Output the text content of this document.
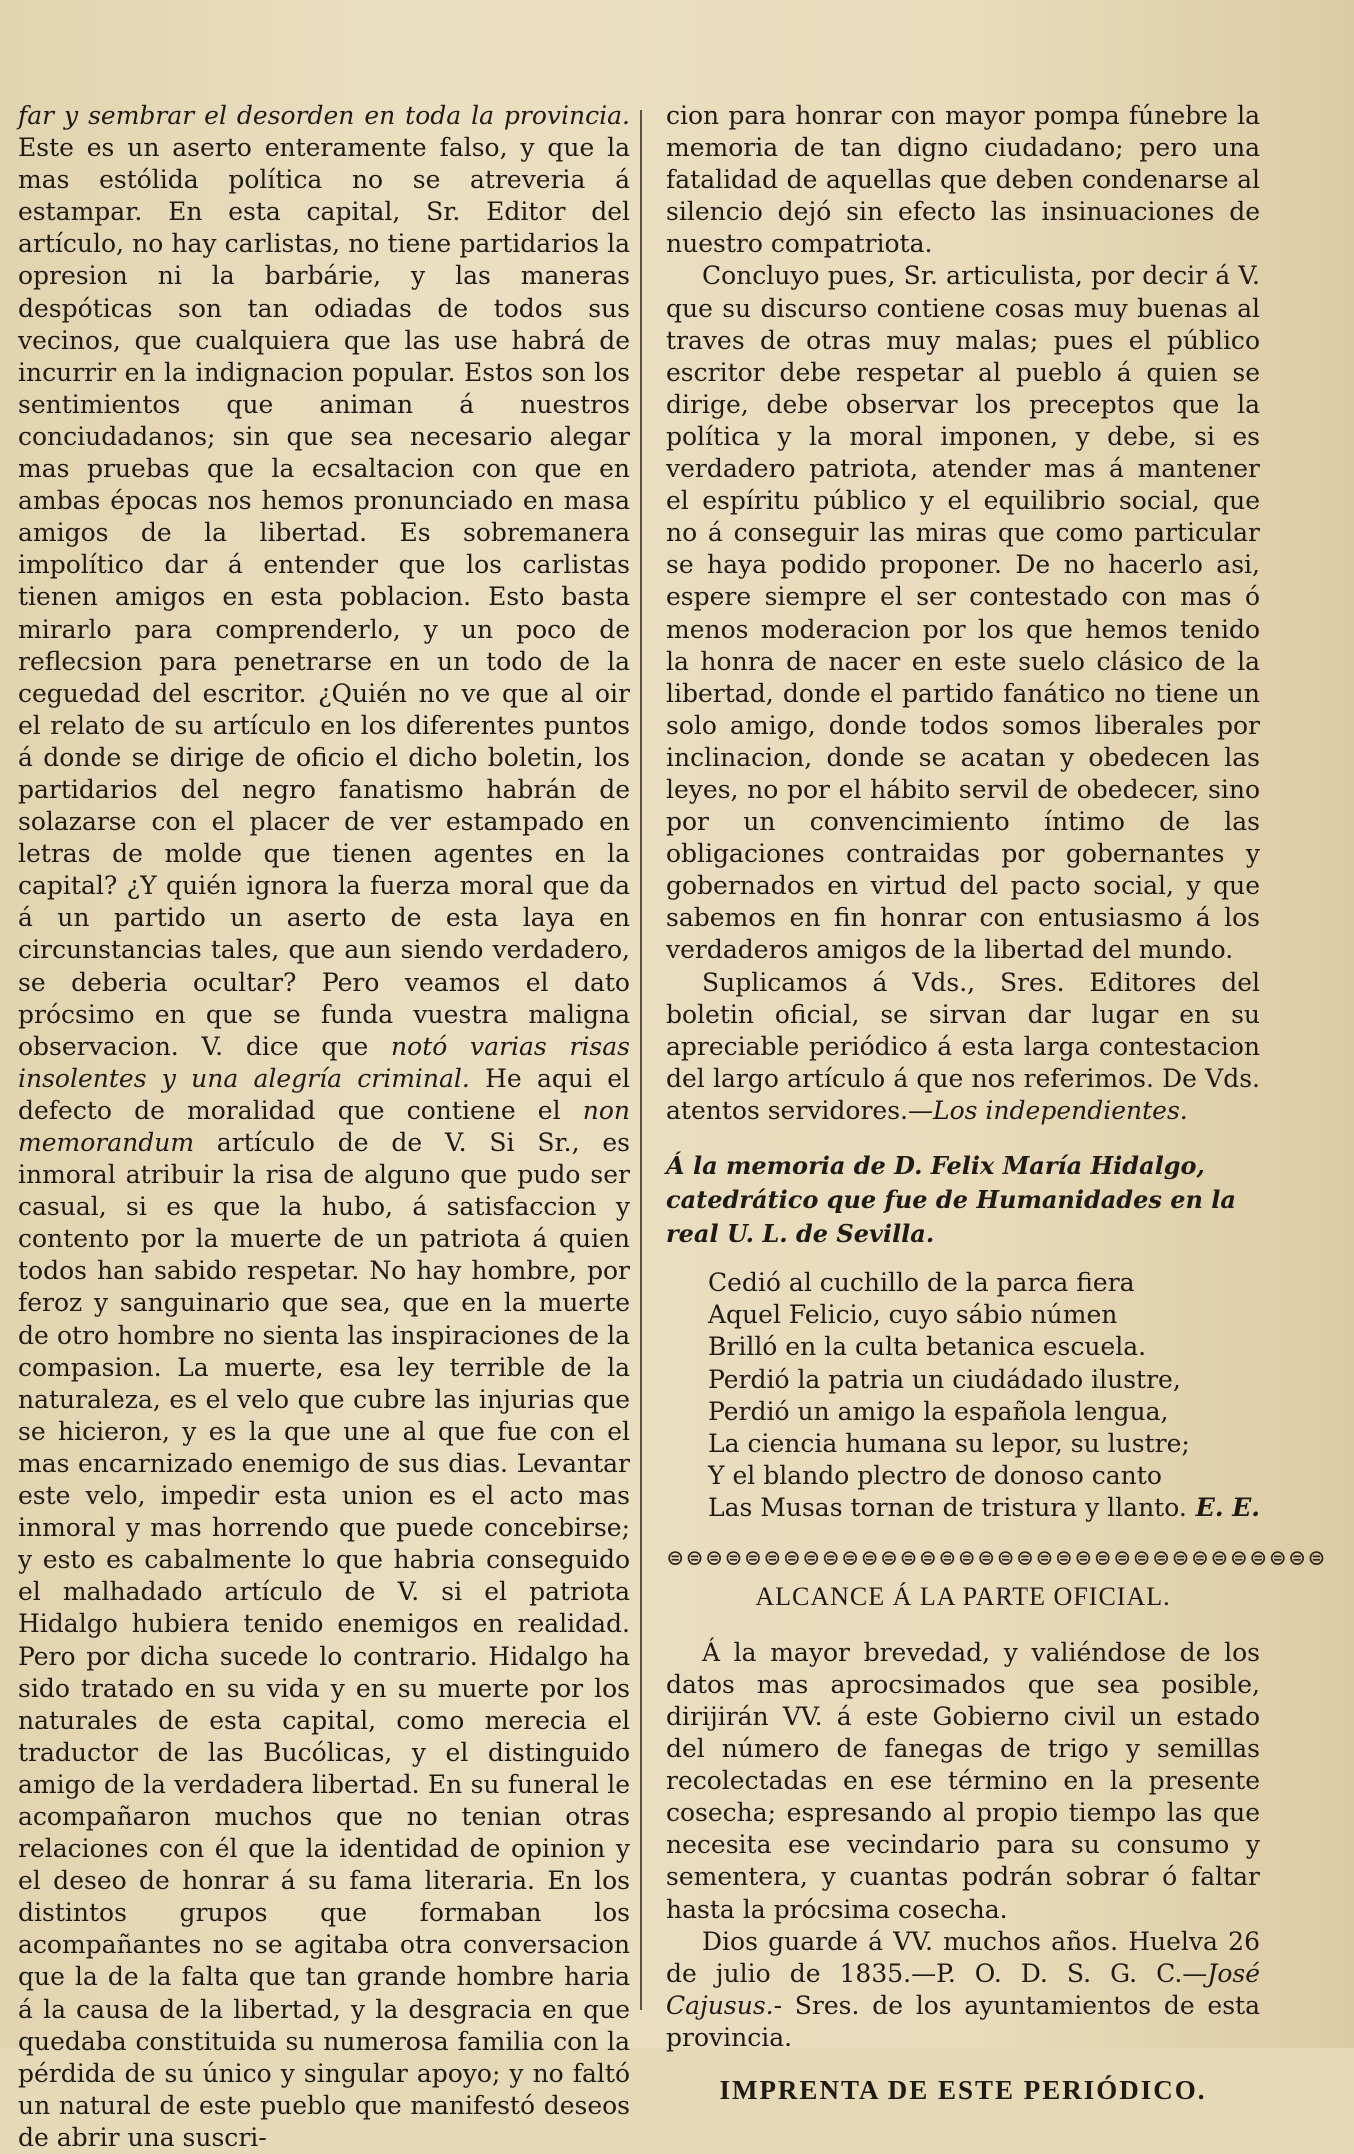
far y sembrar el desorden en toda la provincia. Este es un aserto enteramente falso, y que la mas estólida política no se atreveria á estampar. En esta capital, Sr. Editor del artículo, no hay carlistas, no tiene partidarios la opresion ni la barbárie, y las maneras despóticas son tan odiadas de todos sus vecinos, que cualquiera que las use habrá de incurrir en la indignacion popular. Estos son los sentimientos que animan á nuestros conciudadanos; sin que sea necesario alegar mas pruebas que la ecsaltacion con que en ambas épocas nos hemos pronunciado en masa amigos de la libertad. Es sobremanera impolítico dar á entender que los carlistas tienen amigos en esta poblacion. Esto basta mirarlo para comprenderlo, y un poco de reflecsion para penetrarse en un todo de la ceguedad del escritor. ¿Quién no ve que al oir el relato de su artículo en los diferentes puntos á donde se dirige de oficio el dicho boletin, los partidarios del negro fanatismo habrán de solazarse con el placer de ver estampado en letras de molde que tienen agentes en la capital? ¿Y quién ignora la fuerza moral que da á un partido un aserto de esta laya en circunstancias tales, que aun siendo verdadero, se deberia ocultar? Pero veamos el dato prócsimo en que se funda vuestra maligna observacion. V. dice que notó varias risas insolentes y una alegría criminal. He aqui el defecto de moralidad que contiene el non memorandum artículo de de V. Si Sr., es inmoral atribuir la risa de alguno que pudo ser casual, si es que la hubo, á satisfaccion y contento por la muerte de un patriota á quien todos han sabido respetar. No hay hombre, por feroz y sanguinario que sea, que en la muerte de otro hombre no sienta las inspiraciones de la compasion. La muerte, esa ley terrible de la naturaleza, es el velo que cubre las injurias que se hicieron, y es la que une al que fue con el mas encarnizado enemigo de sus dias. Levantar este velo, impedir esta union es el acto mas inmoral y mas horrendo que puede concebirse; y esto es cabalmente lo que habria conseguido el malhadado artículo de V. si el patriota Hidalgo hubiera tenido enemigos en realidad. Pero por dicha sucede lo contrario. Hidalgo ha sido tratado en su vida y en su muerte por los naturales de esta capital, como merecia el traductor de las Bucólicas, y el distinguido amigo de la verdadera libertad. En su funeral le acompañaron muchos que no tenian otras relaciones con él que la identidad de opinion y el deseo de honrar á su fama literaria. En los distintos grupos que formaban los acompañantes no se agitaba otra conversacion que la de la falta que tan grande hombre haria á la causa de la libertad, y la desgracia en que quedaba constituida su numerosa familia con la pérdida de su único y singular apoyo; y no faltó un natural de este pueblo que manifestó deseos de abrir una suscri-

cion para honrar con mayor pompa fúnebre la memoria de tan digno ciudadano; pero una fatalidad de aquellas que deben condenarse al silencio dejó sin efecto las insinuaciones de nuestro compatriota.

Concluyo pues, Sr. articulista, por decir á V. que su discurso contiene cosas muy buenas al traves de otras muy malas; pues el público escritor debe respetar al pueblo á quien se dirige, debe observar los preceptos que la política y la moral imponen, y debe, si es verdadero patriota, atender mas á mantener el espíritu público y el equilibrio social, que no á conseguir las miras que como particular se haya podido proponer. De no hacerlo asi, espere siempre el ser contestado con mas ó menos moderacion por los que hemos tenido la honra de nacer en este suelo clásico de la libertad, donde el partido fanático no tiene un solo amigo, donde todos somos liberales por inclinacion, donde se acatan y obedecen las leyes, no por el hábito servil de obedecer, sino por un convencimiento íntimo de las obligaciones contraidas por gobernantes y gobernados en virtud del pacto social, y que sabemos en fin honrar con entusiasmo á los verdaderos amigos de la libertad del mundo.

Suplicamos á Vds., Sres. Editores del boletin oficial, se sirvan dar lugar en su apreciable periódico á esta larga contestacion del largo artículo á que nos referimos. De Vds. atentos servidores.—Los independientes.

Á la memoria de D. Felix María Hidalgo, catedrático que fue de Humanidades en la real U. L. de Sevilla.

Cedió al cuchillo de la parca fiera
Aquel Felicio, cuyo sábio númen
Brilló en la culta betanica escuela.
Perdió la patria un ciudádado ilustre,
Perdió un amigo la española lengua,
La ciencia humana su lepor, su lustre;
Y el blando plectro de donoso canto
Las Musas tornan de tristura y llanto. E. E.

⊜⊜⊜⊜⊜⊜⊜⊜⊜⊜⊜⊜⊜⊜⊜⊜⊜⊜⊜⊜⊜⊜⊜⊜⊜⊜⊜⊜⊜⊜⊜⊜⊜⊜

ALCANCE Á LA PARTE OFICIAL.

Á la mayor brevedad, y valiéndose de los datos mas aprocsimados que sea posible, dirijirán VV. á este Gobierno civil un estado del número de fanegas de trigo y semillas recolectadas en ese término en la presente cosecha; espresando al propio tiempo las que necesita ese vecindario para su consumo y sementera, y cuantas podrán sobrar ó faltar hasta la prócsima cosecha.

Dios guarde á VV. muchos años. Huelva 26 de julio de 1835.—P. O. D. S. G. C.—José Cajusus.- Sres. de los ayuntamientos de esta provincia.

IMPRENTA DE ESTE PERIÓDICO.
